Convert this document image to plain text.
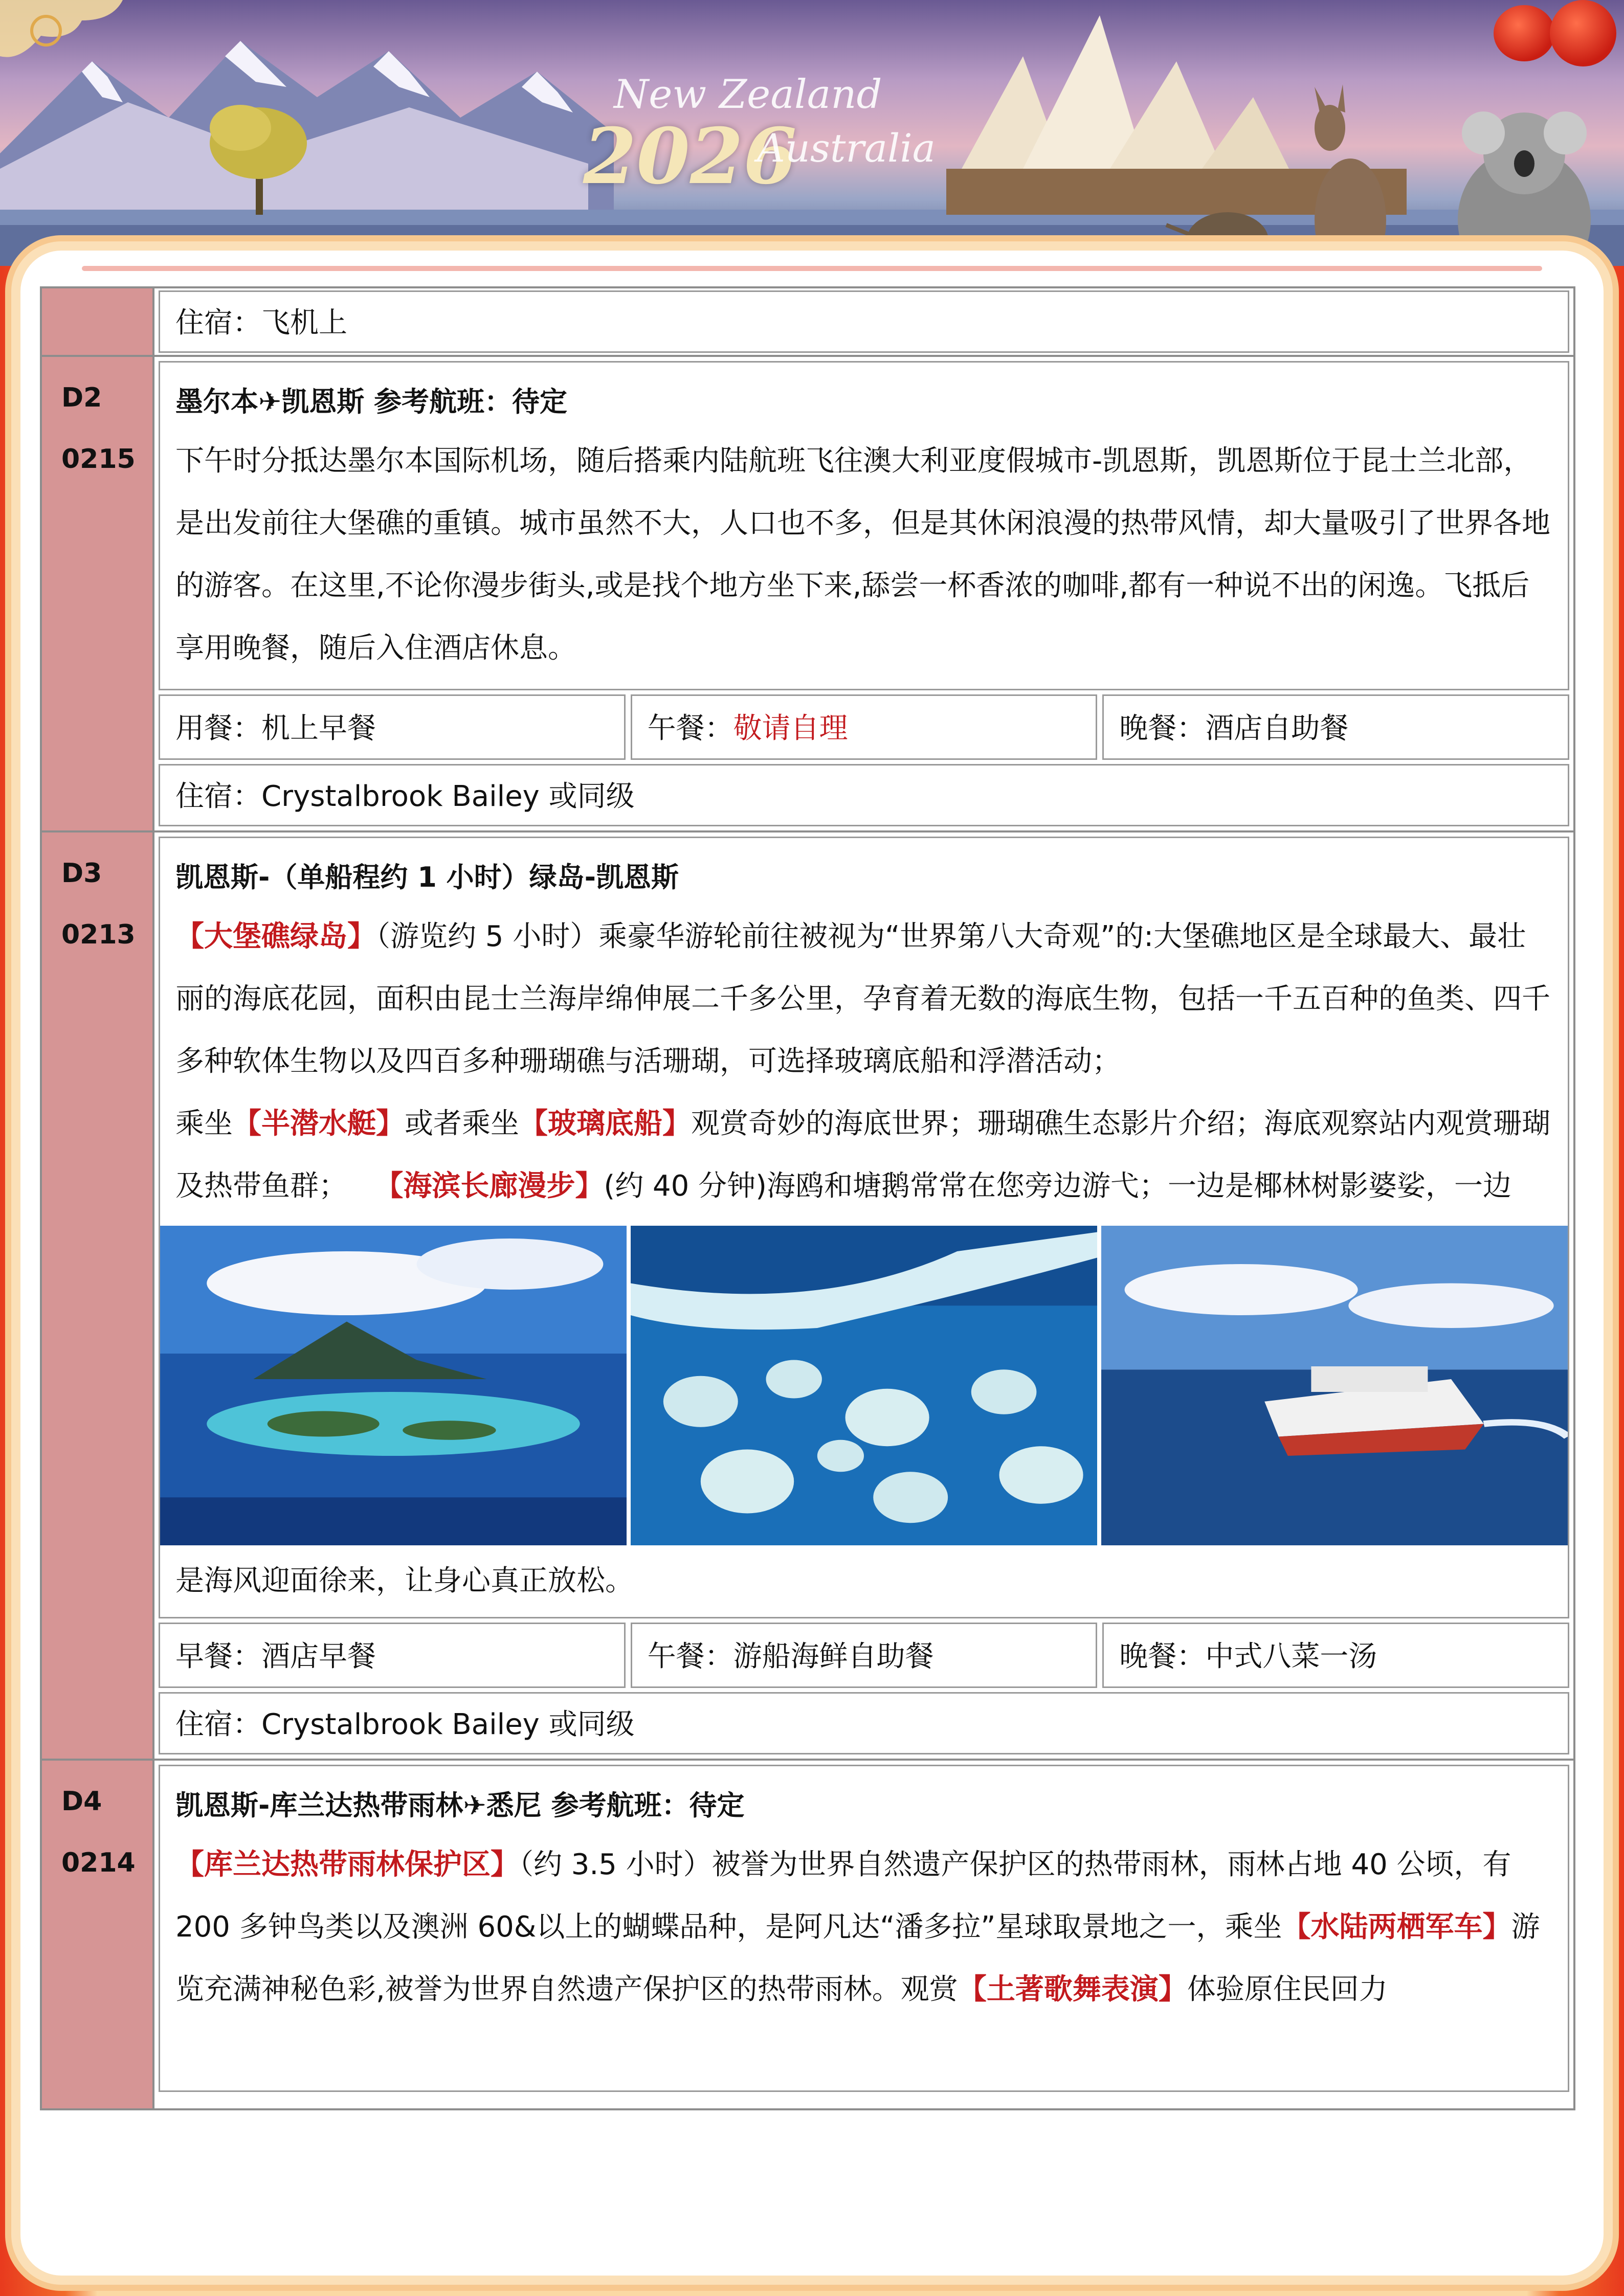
New Zealand
2026
Australia
住宿：飞机上
D2
0215
墨尔本✈凯恩斯 参考航班：待定
下午时分抵达墨尔本国际机场，随后搭乘内陆航班飞往澳大利亚度假城市-凯恩斯，凯恩斯位于昆士兰北部，是出发前往大堡礁的重镇。城市虽然不大，人口也不多，但是其休闲浪漫的热带风情，却大量吸引了世界各地的游客。在这里,不论你漫步街头,或是找个地方坐下来,舔尝一杯香浓的咖啡,都有一种说不出的闲逸。飞抵后享用晚餐，随后入住酒店休息。
用餐：机上早餐	午餐：敬请自理	晚餐：酒店自助餐
住宿：Crystalbrook Bailey 或同级
D3
0213
凯恩斯-（单船程约 1 小时）绿岛-凯恩斯
【大堡礁绿岛】（游览约 5 小时）乘豪华游轮前往被视为“世界第八大奇观”的:大堡礁地区是全球最大、最壮丽的海底花园，面积由昆士兰海岸绵伸展二千多公里，孕育着无数的海底生物，包括一千五百种的鱼类、四千多种软体生物以及四百多种珊瑚礁与活珊瑚，可选择玻璃底船和浮潜活动；
乘坐【半潜水艇】或者乘坐【玻璃底船】观赏奇妙的海底世界；珊瑚礁生态影片介绍；海底观察站内观赏珊瑚及热带鱼群； 【海滨长廊漫步】(约 40 分钟)海鸥和塘鹅常常在您旁边游弋；一边是椰林树影婆娑，一边
是海风迎面徐来，让身心真正放松。
早餐：酒店早餐	午餐：游船海鲜自助餐	晚餐：中式八菜一汤
住宿：Crystalbrook Bailey 或同级
D4
0214
凯恩斯-库兰达热带雨林✈悉尼 参考航班：待定
【库兰达热带雨林保护区】（约 3.5 小时）被誉为世界自然遗产保护区的热带雨林，雨林占地 40 公顷，有 200 多钟鸟类以及澳洲 60&以上的蝴蝶品种，是阿凡达“潘多拉”星球取景地之一，乘坐【水陆两栖军车】游览充满神秘色彩,被誉为世界自然遗产保护区的热带雨林。观赏【土著歌舞表演】体验原住民回力
